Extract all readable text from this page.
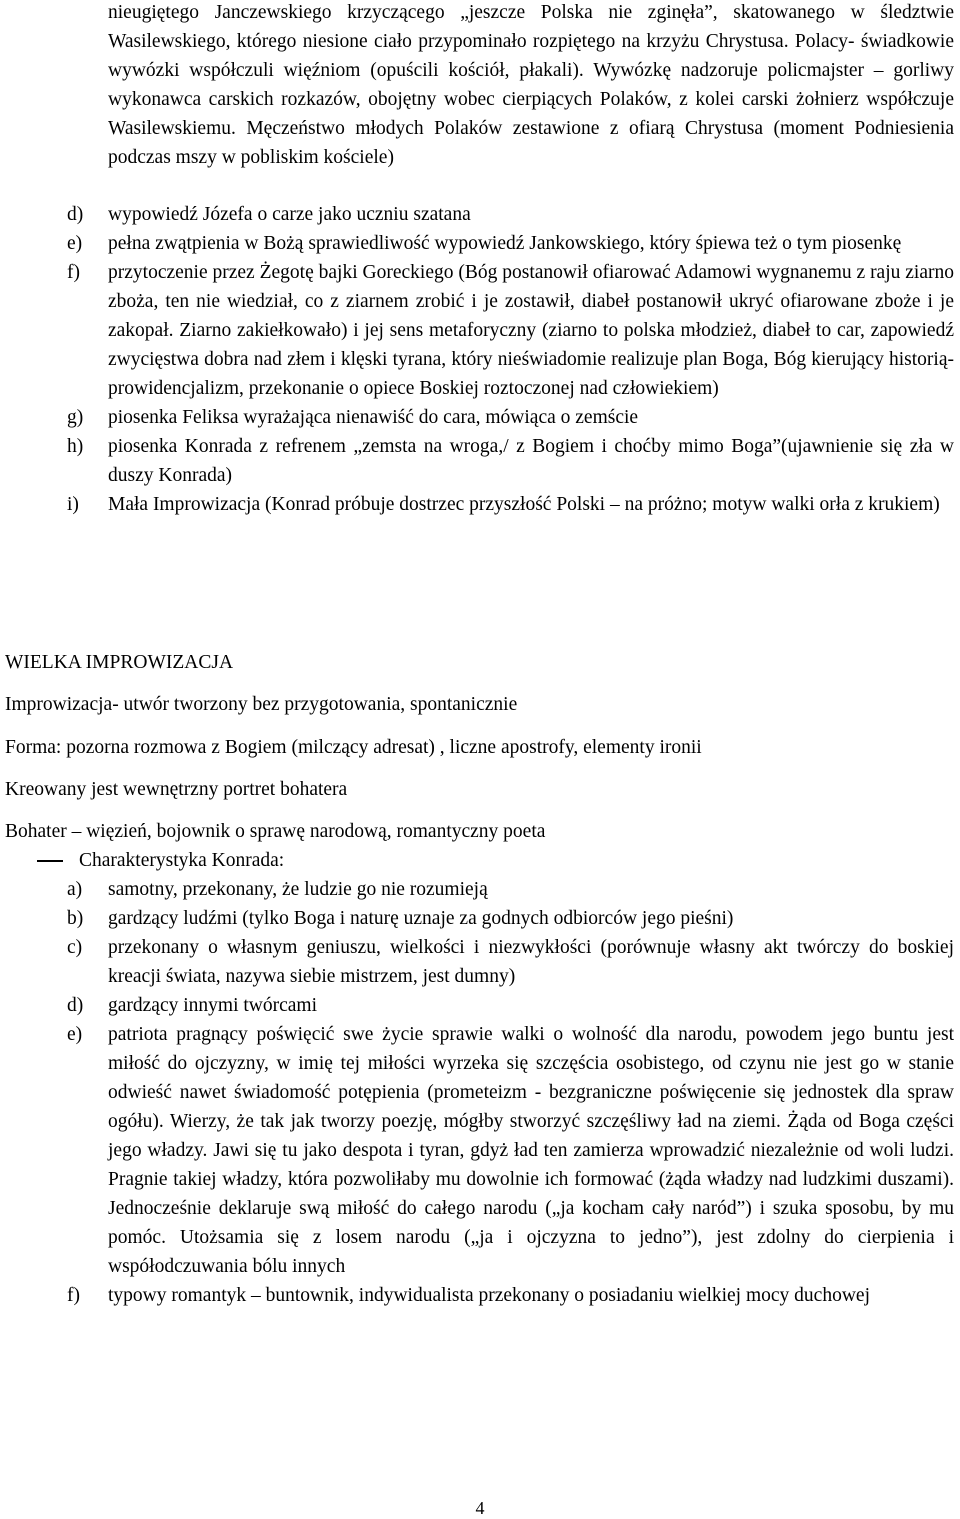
nieugiętego Janczewskiego krzyczącego „jeszcze Polska nie zginęła”, skatowanego w śledztwie Wasilewskiego, którego niesione ciało przypominało rozpiętego na krzyżu Chrystusa. Polacy- świadkowie wywózki współczuli więźniom (opuścili kościół, płakali). Wywózkę nadzoruje policmajster – gorliwy wykonawca carskich rozkazów, obojętny wobec cierpiących Polaków, z kolei carski żołnierz współczuje Wasilewskiemu. Męczeństwo młodych Polaków zestawione z ofiarą Chrystusa (moment Podniesienia podczas mszy w pobliskim kościele)

d) wypowiedź Józefa o carze jako uczniu szatana
e) pełna zwątpienia w Bożą sprawiedliwość wypowiedź Jankowskiego, który śpiewa też o tym piosenkę
f) przytoczenie przez Żegotę bajki Goreckiego (Bóg postanowił ofiarować Adamowi wygnanemu z raju ziarno zboża, ten nie wiedział, co z ziarnem zrobić i je zostawił, diabeł postanowił ukryć ofiarowane zboże i je zakopał. Ziarno zakiełkowało) i jej sens metaforyczny (ziarno to polska młodzież, diabeł to car, zapowiedź zwycięstwa dobra nad złem i klęski tyrana, który nieświadomie realizuje plan Boga, Bóg kierujący historią- prowidencjalizm, przekonanie o opiece Boskiej roztoczonej nad człowiekiem)
g) piosenka Feliksa wyrażająca nienawiść do cara, mówiąca o zemście
h) piosenka Konrada z refrenem „zemsta na wroga,/ z Bogiem i choćby mimo Boga”(ujawnienie się zła w duszy Konrada)
i) Mała Improwizacja (Konrad próbuje dostrzec przyszłość Polski – na próżno; motyw walki orła z krukiem)
WIELKA IMPROWIZACJA
Improwizacja- utwór tworzony bez przygotowania, spontanicznie
Forma: pozorna rozmowa z Bogiem (milczący adresat) , liczne apostrofy, elementy ironii
Kreowany jest wewnętrzny portret bohatera
Bohater – więzień, bojownik o sprawę narodową, romantyczny poeta
Charakterystyka Konrada:
a) samotny, przekonany, że ludzie go nie rozumieją
b) gardzący ludźmi (tylko Boga i naturę uznaje za godnych odbiorców jego pieśni)
c) przekonany o własnym geniuszu, wielkości i niezwykłości (porównuje własny akt twórczy do boskiej kreacji świata, nazywa siebie mistrzem, jest dumny)
d) gardzący innymi twórcami
e) patriota pragnący poświęcić swe życie sprawie walki o wolność dla narodu, powodem jego buntu jest miłość do ojczyzny, w imię tej miłości wyrzeka się szczęścia osobistego, od czynu nie jest go w stanie odwieść nawet świadomość potępienia (prometeizm - bezgraniczne poświęcenie się jednostek dla spraw ogółu). Wierzy, że tak jak tworzy poezję, mógłby stworzyć szczęśliwy ład na ziemi. Żąda od Boga części jego władzy. Jawi się tu jako despota i tyran, gdyż ład ten zamierza wprowadzić niezależnie od woli ludzi. Pragnie takiej władzy, która pozwoliłaby mu dowolnie ich formować (żąda władzy nad ludzkimi duszami). Jednocześnie deklaruje swą miłość do całego narodu („ja kocham cały naród”) i szuka sposobu, by mu pomóc. Utożsamia się z losem narodu („ja i ojczyzna to jedno”), jest zdolny do cierpienia i współodczuwania bólu innych
f) typowy romantyk – buntownik, indywidualista przekonany o posiadaniu wielkiej mocy duchowej
4
